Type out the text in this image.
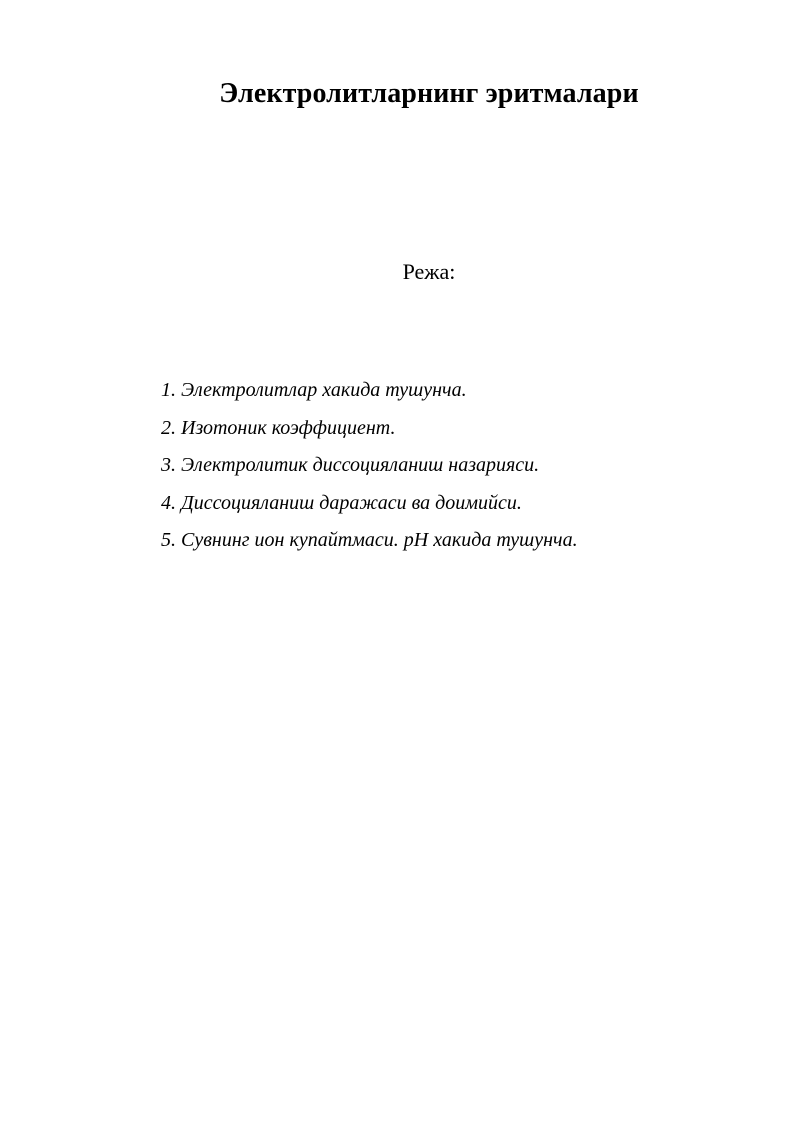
Электролитларнинг эритмалари

Режа:

1. Электролитлар хакида тушунча.
2. Изотоник коэффициент.
3. Электролитик диссоцияланиш назарияси.
4. Диссоцияланиш даражаси ва доимийси.
5. Сувнинг ион купайтмаси. рН хакида тушунча.
